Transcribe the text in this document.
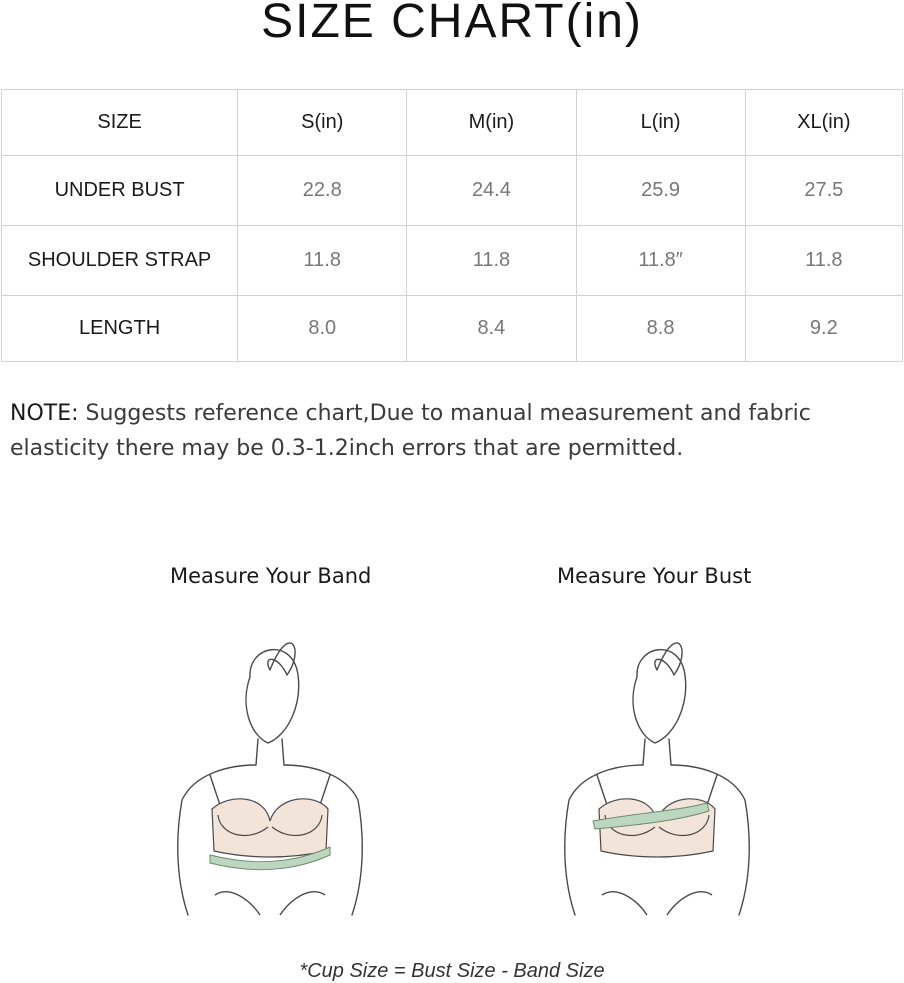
SIZE CHART(in)
SIZE	S(in)	M(in)	L(in)	XL(in)
UNDER BUST	22.8	24.4	25.9	27.5
SHOULDER STRAP	11.8	11.8	11.8″	11.8
LENGTH	8.0	8.4	8.8	9.2
NOTE: Suggests reference chart,Due to manual measurement and fabric elasticity there may be 0.3-1.2inch errors that are permitted.
Measure Your Band	Measure Your Bust
*Cup Size = Bust Size - Band Size
